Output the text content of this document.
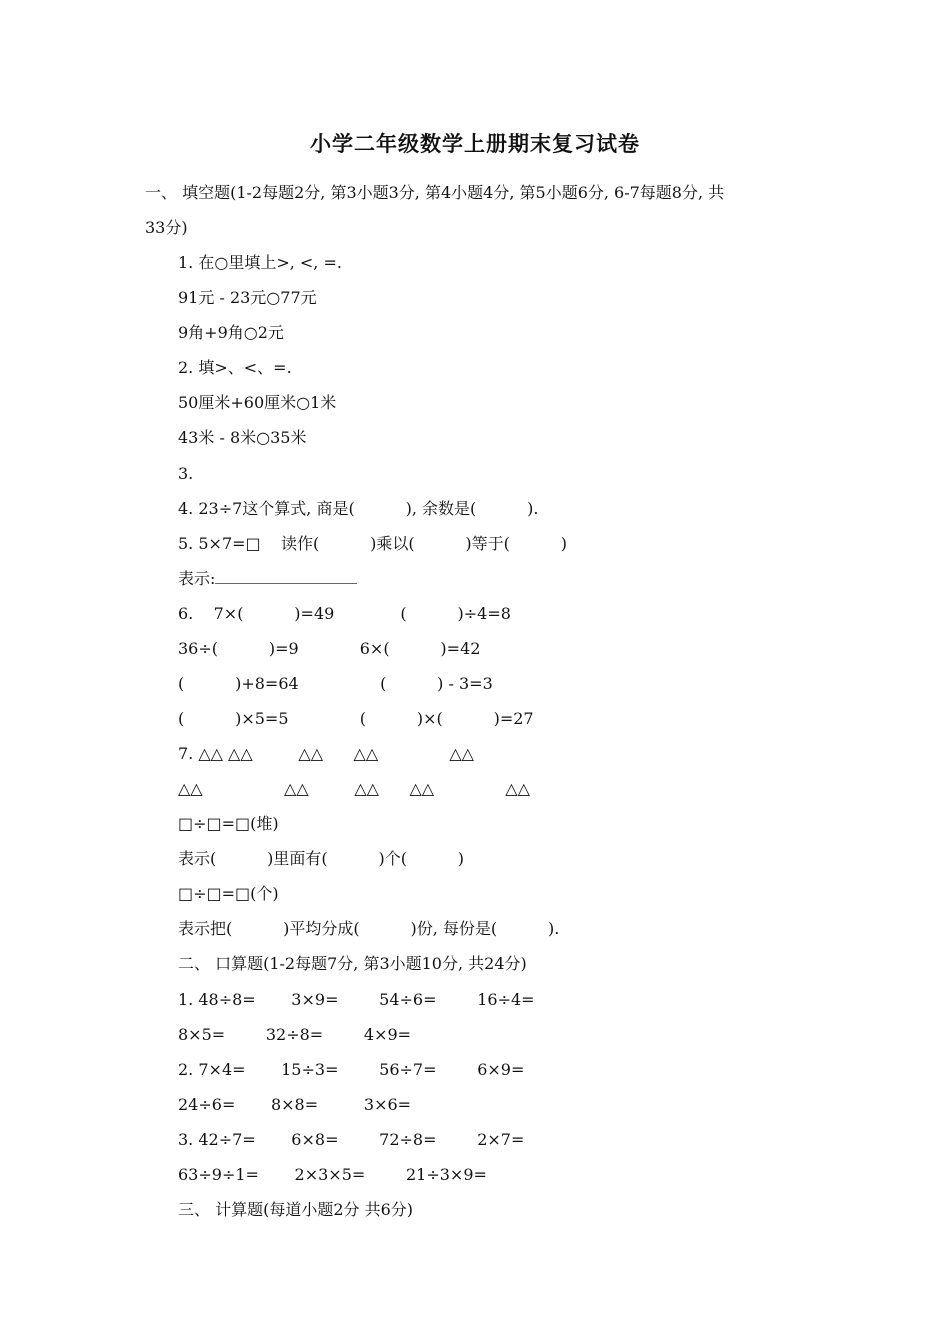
小学二年级数学上册期末复习试卷
一、 填空题(1-2每题2分, 第3小题3分, 第4小题4分, 第5小题6分, 6-7每题8分, 共
33分)
1. 在○里填上>, <, =.
91元 - 23元○77元
9角+9角○2元
2. 填>、<、=.
50厘米+60厘米○1米
43米 - 8米○35米
3.
4. 23÷7这个算式, 商是(          ), 余数是(          ).
5. 5×7=□    读作(          )乘以(          )等于(          )
表示:
6.    7×(          )=49             (          )÷4=8
36÷(          )=9            6×(          )=42
(          )+8=64                (          ) - 3=3
(          )×5=5              (          )×(          )=27
7. △△ △△         △△      △△              △△
△△                △△         △△      △△              △△
□÷□=□(堆)
表示(          )里面有(          )个(          )
□÷□=□(个)
表示把(          )平均分成(          )份, 每份是(          ).
二、 口算题(1-2每题7分, 第3小题10分, 共24分)
1. 48÷8=       3×9=        54÷6=        16÷4=
8×5=        32÷8=        4×9=
2. 7×4=       15÷3=        56÷7=        6×9=
24÷6=       8×8=         3×6=
3. 42÷7=       6×8=        72÷8=        2×7=
63÷9÷1=       2×3×5=        21÷3×9=
三、 计算题(每道小题2分 共6分)
